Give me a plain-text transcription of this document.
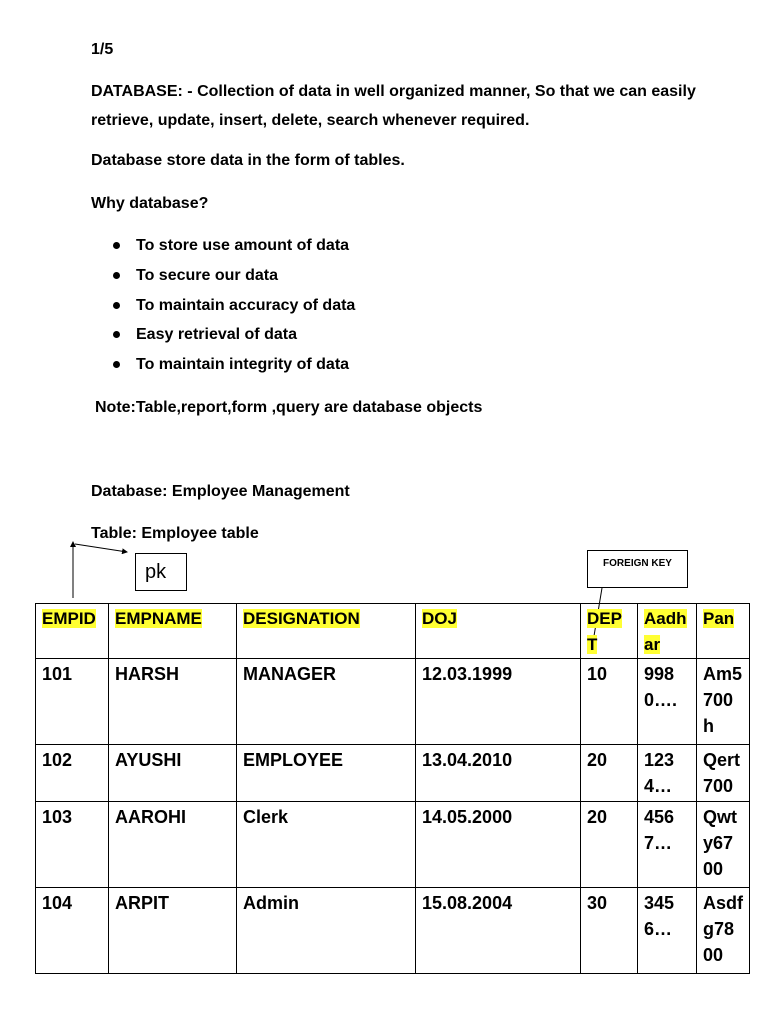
1/5
DATABASE: - Collection of data in well organized manner, So that we can easily retrieve, update, insert, delete, search whenever required.
Database store data in the form of tables.
Why database?
To store use amount of data
To secure our data
To maintain accuracy of data
Easy retrieval of data
To maintain integrity of data
Note:Table,report,form ,query are database objects
Database: Employee Management
Table: Employee table
pk	FOREIGN KEY
EMPID	EMPNAME	DESIGNATION	DOJ	DEPT	Aadhar	Pan
101	HARSH	MANAGER	12.03.1999	10	9980….	Am5700h
102	AYUSHI	EMPLOYEE	13.04.2010	20	1234…	Qert700
103	AAROHI	Clerk	14.05.2000	20	4567…	Qwty6700
104	ARPIT	Admin	15.08.2004	30	3456…	Asdfg7800
